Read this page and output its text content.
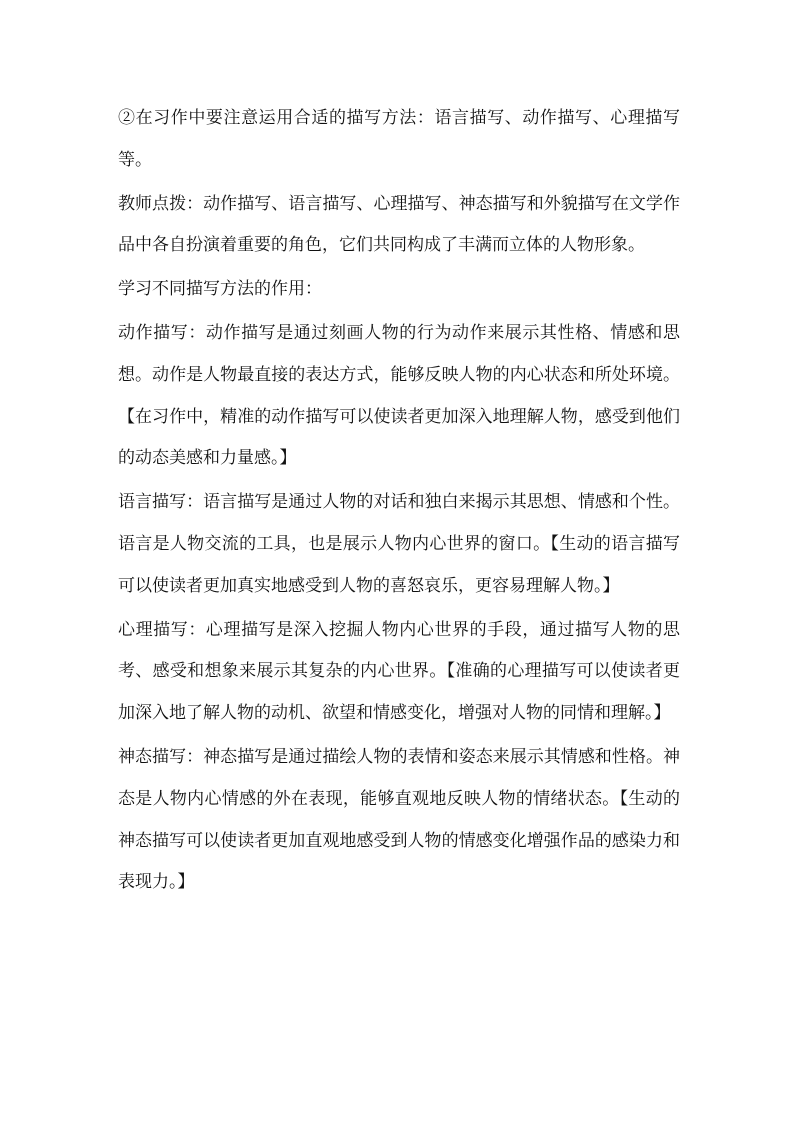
②在习作中要注意运用合适的描写方法：语言描写、动作描写、心理描写等。

教师点拨：动作描写、语言描写、心理描写、神态描写和外貌描写在文学作品中各自扮演着重要的角色，它们共同构成了丰满而立体的人物形象。

学习不同描写方法的作用：

动作描写：动作描写是通过刻画人物的行为动作来展示其性格、情感和思想。动作是人物最直接的表达方式，能够反映人物的内心状态和所处环境。【在习作中，精准的动作描写可以使读者更加深入地理解人物，感受到他们的动态美感和力量感。】

语言描写：语言描写是通过人物的对话和独白来揭示其思想、情感和个性。语言是人物交流的工具，也是展示人物内心世界的窗口。【生动的语言描写可以使读者更加真实地感受到人物的喜怒哀乐，更容易理解人物。】

心理描写：心理描写是深入挖掘人物内心世界的手段，通过描写人物的思考、感受和想象来展示其复杂的内心世界。【准确的心理描写可以使读者更加深入地了解人物的动机、欲望和情感变化，增强对人物的同情和理解。】

神态描写：神态描写是通过描绘人物的表情和姿态来展示其情感和性格。神态是人物内心情感的外在表现，能够直观地反映人物的情绪状态。【生动的神态描写可以使读者更加直观地感受到人物的情感变化增强作品的感染力和表现力。】
